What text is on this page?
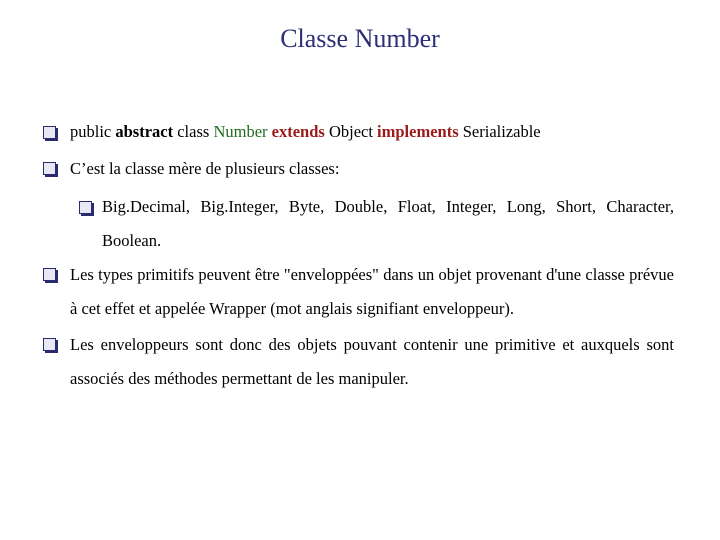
Classe Number
public abstract class Number extends Object implements Serializable
C’est la classe mère de plusieurs classes:
Big.Decimal, Big.Integer, Byte, Double, Float, Integer, Long, Short, Character, Boolean.
Les types primitifs peuvent être "enveloppées" dans un objet provenant d'une classe prévue à cet effet et appelée Wrapper (mot anglais signifiant enveloppeur).
Les enveloppeurs sont donc des objets pouvant contenir une primitive et auxquels sont associés des méthodes permettant de les manipuler.
